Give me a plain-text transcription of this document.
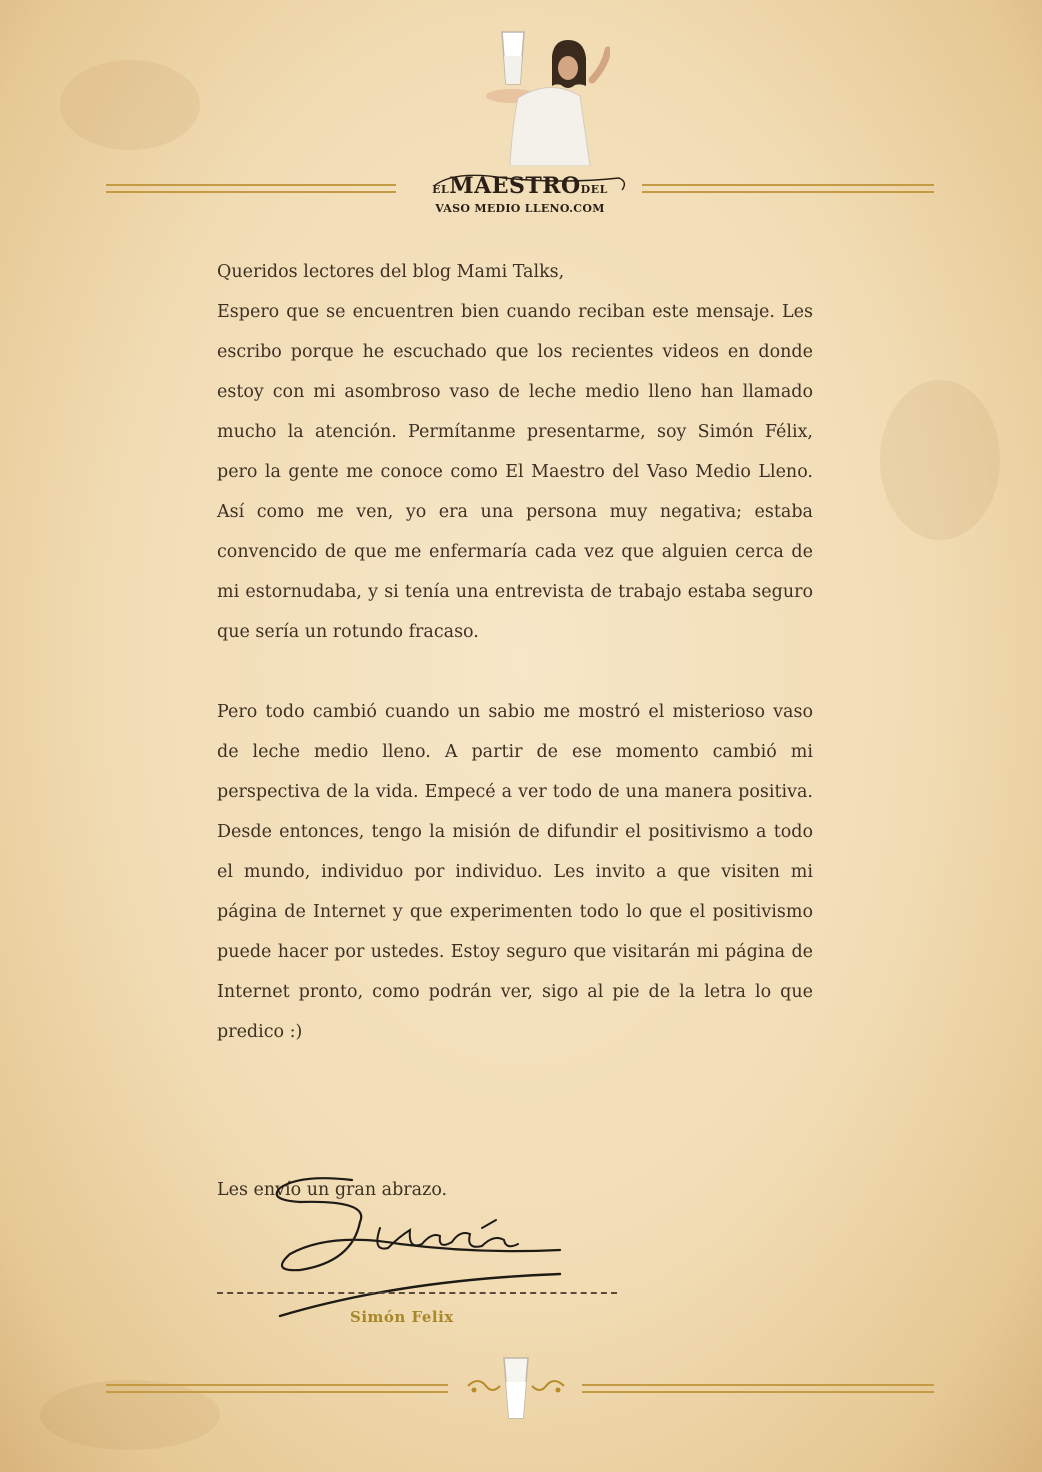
ELMAESTRODEL
VASO MEDIO LLENO.COM

Queridos lectores del blog Mami Talks,

Espero que se encuentren bien cuando reciban este mensaje. Les escribo porque he escuchado que los recientes videos en donde estoy con mi asombroso vaso de leche medio lleno han llamado mucho la atención. Permítanme presentarme, soy Simón Félix, pero la gente me conoce como El Maestro del Vaso Medio Lleno. Así como me ven, yo era una persona muy negativa; estaba convencido de que me enfermaría cada vez que alguien cerca de mi estornudaba, y si tenía una entrevista de trabajo estaba seguro que sería un rotundo fracaso.

Pero todo cambió cuando un sabio me mostró el misterioso vaso de leche medio lleno. A partir de ese momento cambió mi perspectiva de la vida. Empecé a ver todo de una manera positiva. Desde entonces, tengo la misión de difundir el positivismo a todo el mundo, individuo por individuo. Les invito a que visiten mi página de Internet y que experimenten todo lo que el positivismo puede hacer por ustedes. Estoy seguro que visitarán mi página de Internet pronto, como podrán ver, sigo al pie de la letra lo que predico :)

Les envío un gran abrazo.
Simón Felix
